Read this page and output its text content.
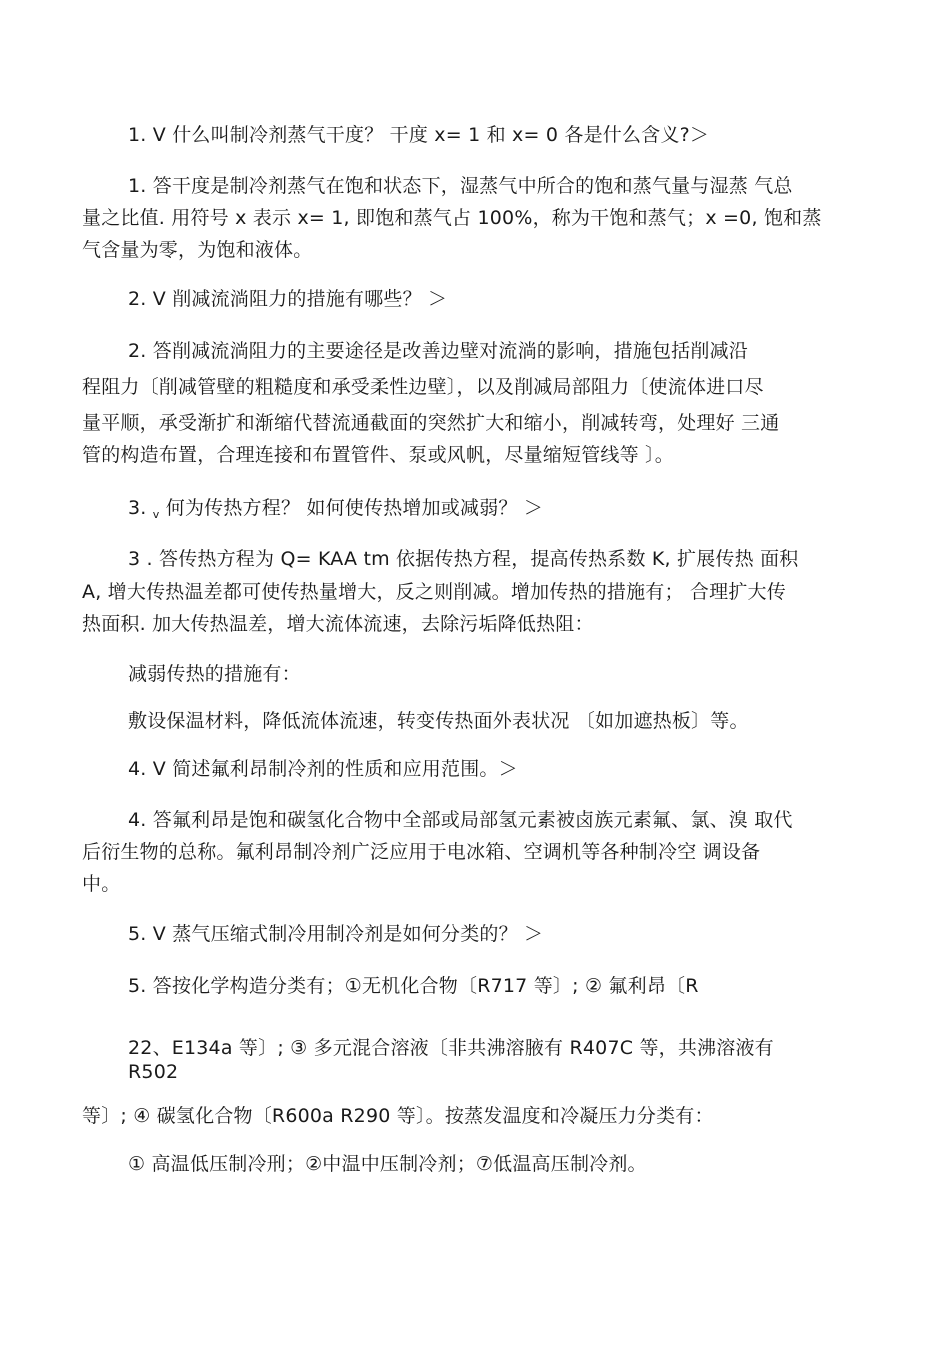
1. V 什么叫制冷剂蒸气干度？ 干度 x= 1 和 x= 0 各是什么含义?＞
1. 答干度是制冷剂蒸气在饱和状态下，湿蒸气中所合的饱和蒸气量与湿蒸 气总
量之比值. 用符号 x 表示 x= 1, 即饱和蒸气占 100%，称为干饱和蒸气；x =0, 饱和蒸
气含量为零，为饱和液体。
2. V 削减流淌阻力的措施有哪些？ ＞
2. 答削减流淌阻力的主要途径是改善边壁对流淌的影响，措施包括削减沿
程阻力〔削减管壁的粗糙度和承受柔性边壁〕，以及削减局部阻力〔使流体进口尽
量平顺，承受渐扩和渐缩代替流通截面的突然扩大和缩小，削减转弯，处理好 三通
管的构造布置，合理连接和布置管件、泵或风帆，尽量缩短管线等 〕。
3. $_v$ 何为传热方程？ 如何使传热增加或减弱？ ＞
3 . 答传热方程为 Q= KAA tm 依据传热方程，提高传热系数 K, 扩展传热 面积
A, 增大传热温差都可使传热量增大，反之则削减。增加传热的措施有； 合理扩大传
热面积. 加大传热温差，增大流体流速，去除污垢降低热阻：
减弱传热的措施有：
敷设保温材料，降低流体流速，转变传热面外表状况 〔如加遮热板〕等。
4. V 简述氟利昂制冷剂的性质和应用范围。＞
4. 答氟利昂是饱和碳氢化合物中全部或局部氢元素被卤族元素氟、氯、溴 取代
后衍生物的总称。氟利昂制冷剂广泛应用于电冰箱、空调机等各种制冷空 调设备
中。
5. V 蒸气压缩式制冷用制冷剂是如何分类的？ ＞
5. 答按化学构造分类有；①无机化合物〔R717 等〕; ② 氟利昂〔R
22、E134a 等〕; ③ 多元混合溶液〔非共沸溶腋有 R407C 等，共沸溶液有
R502
等〕; ④ 碳氢化合物〔R600a R290 等〕。按蒸发温度和冷凝压力分类有：
① 高温低压制冷刑；②中温中压制冷剂；⑦低温高压制冷剂。
